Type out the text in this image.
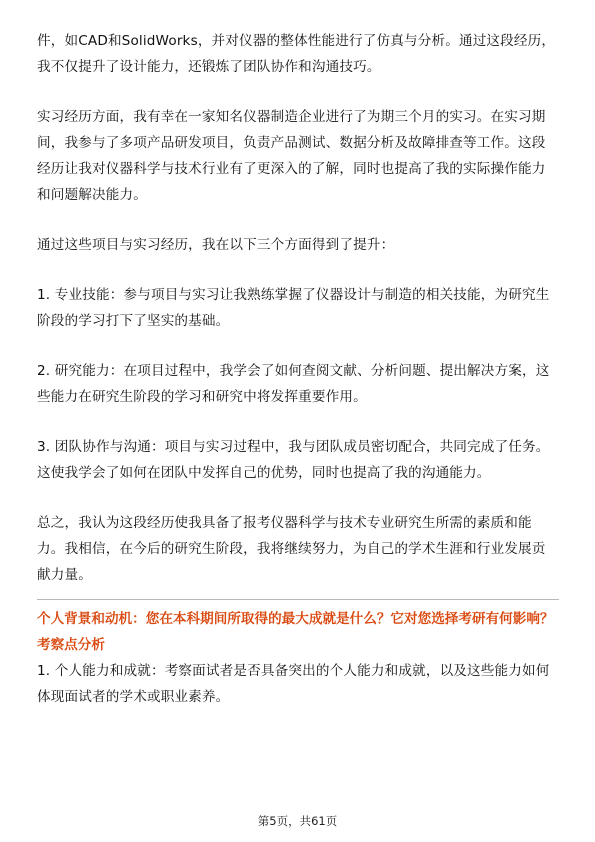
件，如CAD和SolidWorks，并对仪器的整体性能进行了仿真与分析。通过这段经历，我不仅提升了设计能力，还锻炼了团队协作和沟通技巧。

实习经历方面，我有幸在一家知名仪器制造企业进行了为期三个月的实习。在实习期间，我参与了多项产品研发项目，负责产品测试、数据分析及故障排查等工作。这段经历让我对仪器科学与技术行业有了更深入的了解，同时也提高了我的实际操作能力和问题解决能力。

通过这些项目与实习经历，我在以下三个方面得到了提升：

1. 专业技能：参与项目与实习让我熟练掌握了仪器设计与制造的相关技能，为研究生阶段的学习打下了坚实的基础。

2. 研究能力：在项目过程中，我学会了如何查阅文献、分析问题、提出解决方案，这些能力在研究生阶段的学习和研究中将发挥重要作用。

3. 团队协作与沟通：项目与实习过程中，我与团队成员密切配合，共同完成了任务。这使我学会了如何在团队中发挥自己的优势，同时也提高了我的沟通能力。

总之，我认为这段经历使我具备了报考仪器科学与技术专业研究生所需的素质和能力。我相信，在今后的研究生阶段，我将继续努力，为自己的学术生涯和行业发展贡献力量。

个人背景和动机：您在本科期间所取得的最大成就是什么？它对您选择考研有何影响？

考察点分析

1. 个人能力和成就：考察面试者是否具备突出的个人能力和成就，以及这些能力如何体现面试者的学术或职业素养。

第5页，共61页
